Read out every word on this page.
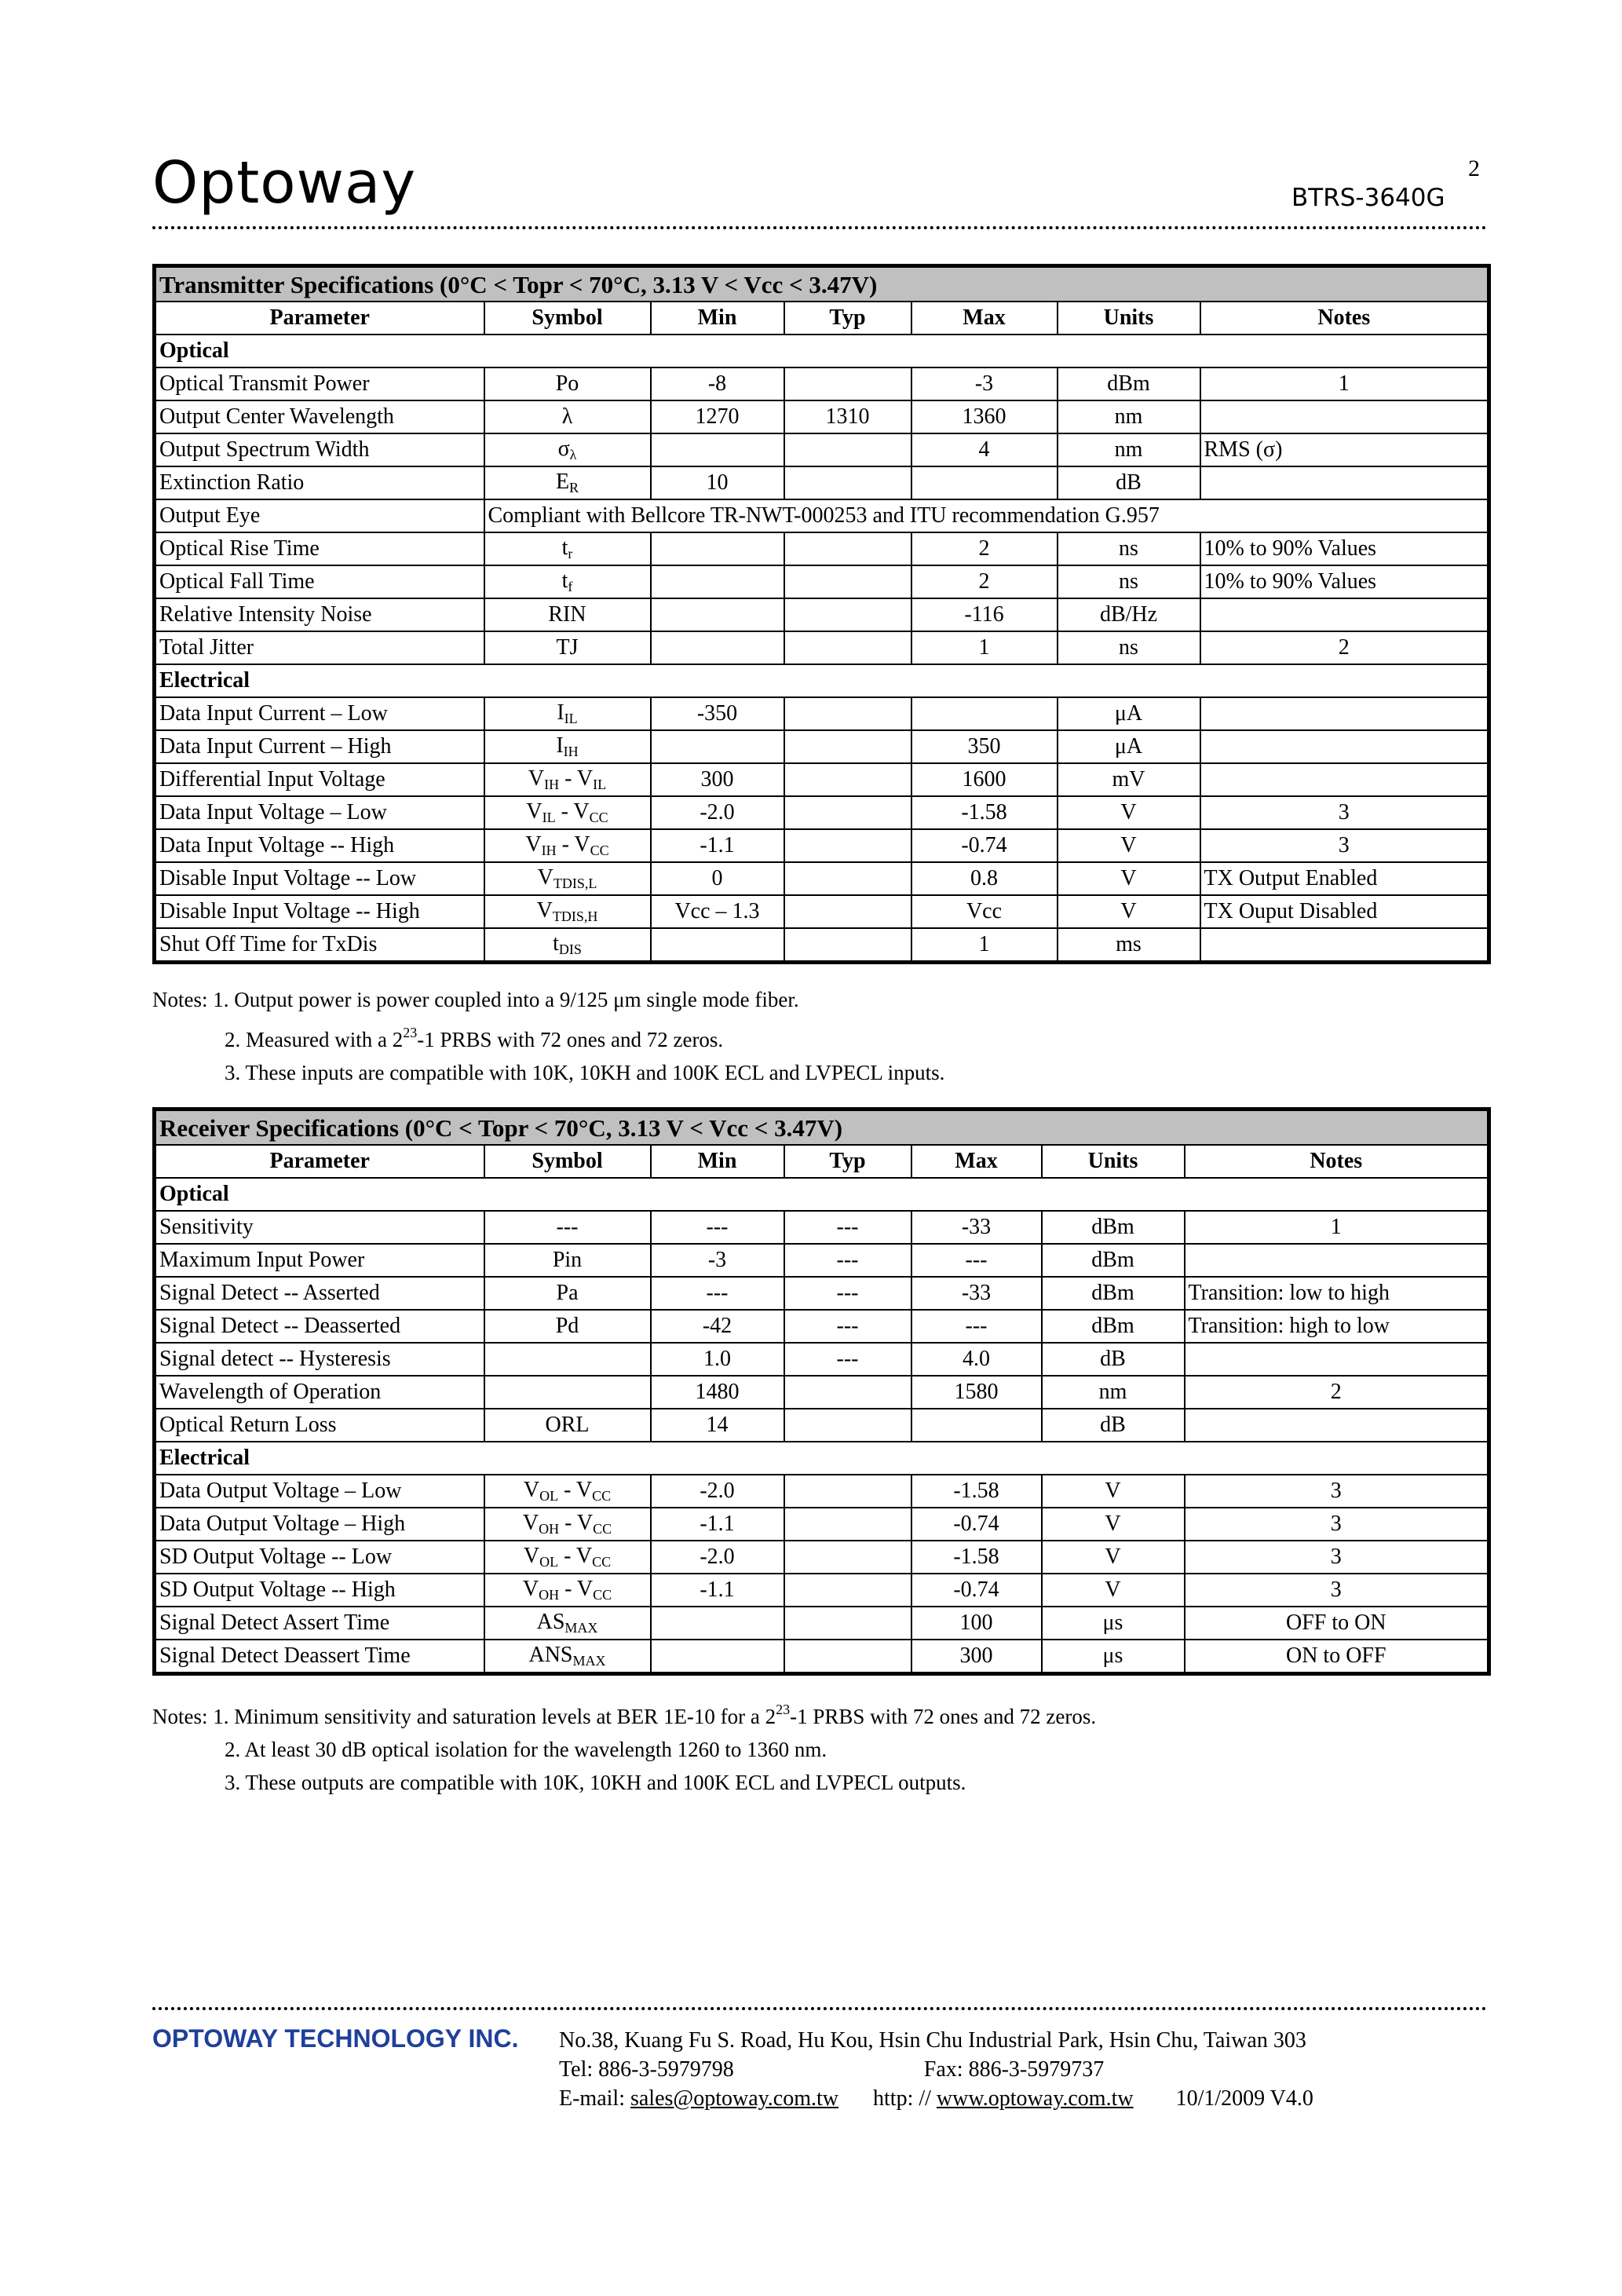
Optoway	2
BTRS-3640G
Transmitter Specifications (0°C < Topr < 70°C, 3.13 V < Vcc < 3.47V)						
Parameter	Symbol	Min	Typ	Max	Units	Notes
Optical						
Optical Transmit Power	Po	-8		-3	dBm	1
Output Center Wavelength	λ	1270	1310	1360	nm	
Output Spectrum Width	$\sigma_\lambda$			4	nm	RMS (σ)
Extinction Ratio	$E_R$	10			dB	
Output Eye	Compliant with Bellcore TR-NWT-000253 and ITU recommendation G.957					
Optical Rise Time	$t_r$			2	ns	10% to 90% Values
Optical Fall Time	$t_f$			2	ns	10% to 90% Values
Relative Intensity Noise	RIN			-116	dB/Hz	
Total Jitter	TJ			1	ns	2
Electrical						
Data Input Current – Low	$I_{IL}$	-350			μA	
Data Input Current – High	$I_{IH}$			350	μA	
Differential Input Voltage	$V_{IH} - V_{IL}$	300		1600	mV	
Data Input Voltage – Low	$V_{IL} - V_{CC}$	-2.0		-1.58	V	3
Data Input Voltage -- High	$V_{IH} - V_{CC}$	-1.1		-0.74	V	3
Disable Input Voltage -- Low	$V_{TDIS,L}$	0		0.8	V	TX Output Enabled
Disable Input Voltage -- High	$V_{TDIS,H}$	Vcc – 1.3		Vcc	V	TX Ouput Disabled
Shut Off Time for TxDis	$t_{DIS}$			1	ms	
Notes: 1. Output power is power coupled into a 9/125 μm single mode fiber.
2. Measured with a $2^{23}-1$ PRBS with 72 ones and 72 zeros.
3. These inputs are compatible with 10K, 10KH and 100K ECL and LVPECL inputs.
Receiver Specifications (0°C < Topr < 70°C, 3.13 V < Vcc < 3.47V)						
Parameter	Symbol	Min	Typ	Max	Units	Notes
Optical						
Sensitivity	---	---	---	-33	dBm	1
Maximum Input Power	Pin	-3	---	---	dBm	
Signal Detect -- Asserted	Pa	---	---	-33	dBm	Transition: low to high
Signal Detect -- Deasserted	Pd	-42	---	---	dBm	Transition: high to low
Signal detect -- Hysteresis		1.0	---	4.0	dB	
Wavelength of Operation		1480		1580	nm	2
Optical Return Loss	ORL	14			dB	
Electrical						
Data Output Voltage – Low	$V_{OL} - V_{CC}$	-2.0		-1.58	V	3
Data Output Voltage – High	$V_{OH} - V_{CC}$	-1.1		-0.74	V	3
SD Output Voltage -- Low	$V_{OL} - V_{CC}$	-2.0		-1.58	V	3
SD Output Voltage -- High	$V_{OH} - V_{CC}$	-1.1		-0.74	V	3
Signal Detect Assert Time	$AS_{MAX}$			100	μs	OFF to ON
Signal Detect Deassert Time	$ANS_{MAX}$			300	μs	ON to OFF
Notes: 1. Minimum sensitivity and saturation levels at BER 1E-10 for a $2^{23}-1$ PRBS with 72 ones and 72 zeros.
2. At least 30 dB optical isolation for the wavelength 1260 to 1360 nm.
3. These outputs are compatible with 10K, 10KH and 100K ECL and LVPECL outputs.
OPTOWAY TECHNOLOGY INC. No.38, Kuang Fu S. Road, Hu Kou, Hsin Chu Industrial Park, Hsin Chu, Taiwan 303
Tel: 886-3-5979798	Fax: 886-3-5979737
E-mail: sales@optoway.com.tw http: // www.optoway.com.tw 10/1/2009 V4.0
